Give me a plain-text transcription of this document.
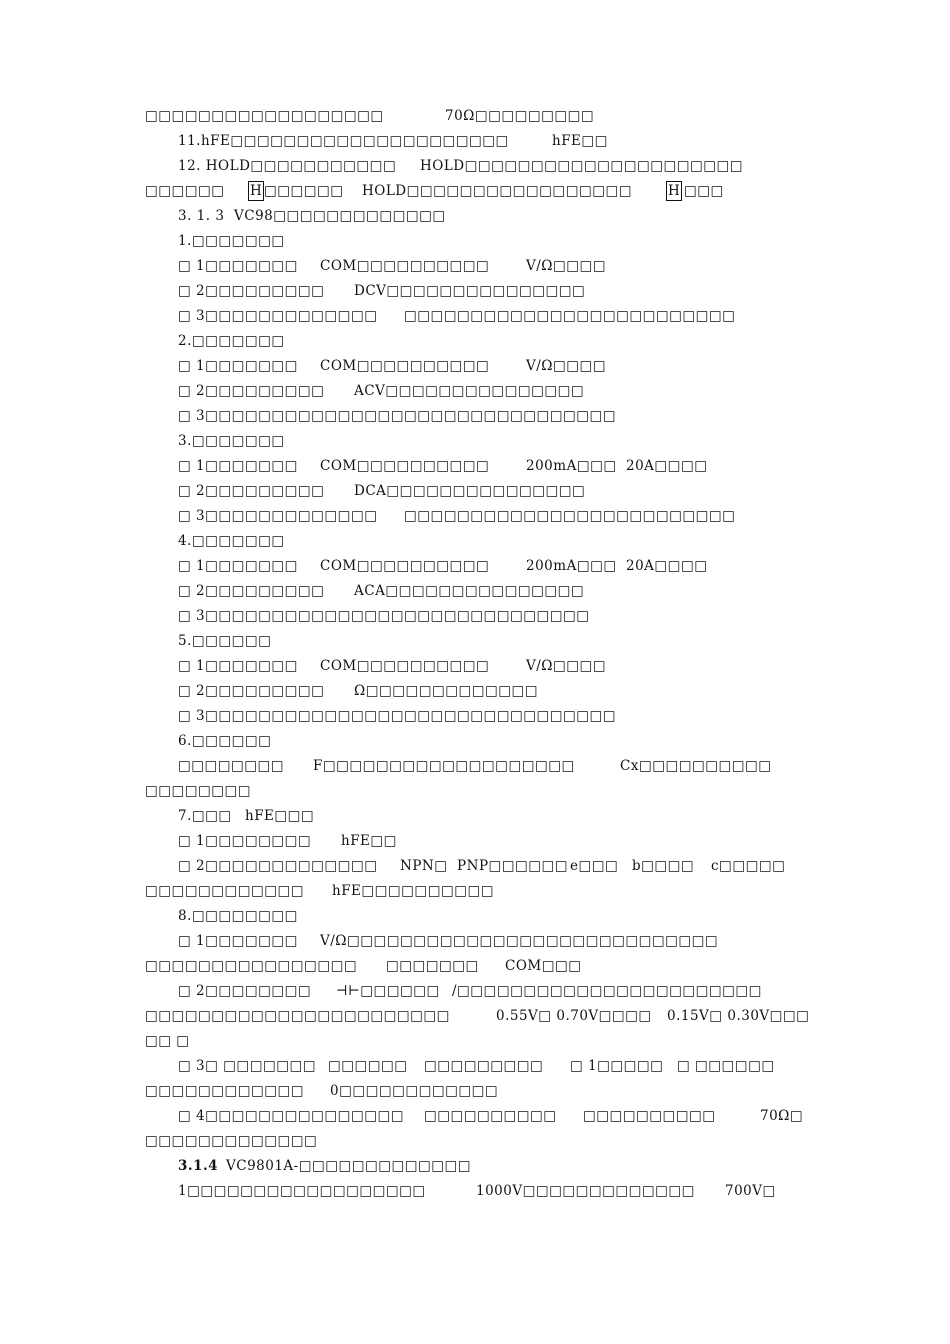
□□□□□□□□□□□□□□□□□□	70Ω□□□□□□□□□
11.hFE□□□□□□□□□□□□□□□□□□□□□	hFE□□
12. HOLD□□□□□□□□□□□ HOLD□□□□□□□□□□□□□□□□□□□□□
□□□□□□ H □□□□□□ HOLD□□□□□□□□□□□□□□□□□	H □□□
3. 1. 3  VC98□□□□□□□□□□□□□
1.□□□□□□□
□ 1□□□□□□□ COM□□□□□□□□□□	V/Ω□□□□
□ 2□□□□□□□□□ DCV□□□□□□□□□□□□□□□
□ 3□□□□□□□□□□□□□ □□□□□□□□□□□□□□□□□□□□□□□□□
2.□□□□□□□
□ 1□□□□□□□ COM□□□□□□□□□□	V/Ω□□□□
□ 2□□□□□□□□□ ACV□□□□□□□□□□□□□□□
□ 3□□□□□□□□□□□□□□□□□□□□□□□□□□□□□□□
3.□□□□□□□
□ 1□□□□□□□ COM□□□□□□□□□□	200mA□□□ 20A□□□□
□ 2□□□□□□□□□ DCA□□□□□□□□□□□□□□□
□ 3□□□□□□□□□□□□□ □□□□□□□□□□□□□□□□□□□□□□□□□
4.□□□□□□□
□ 1□□□□□□□ COM□□□□□□□□□□	200mA□□□ 20A□□□□
□ 2□□□□□□□□□ ACA□□□□□□□□□□□□□□□
□ 3□□□□□□□□□□□□□□□□□□□□□□□□□□□□□
5.□□□□□□
□ 1□□□□□□□ COM□□□□□□□□□□	V/Ω□□□□
□ 2□□□□□□□□□ Ω□□□□□□□□□□□□□
□ 3□□□□□□□□□□□□□□□□□□□□□□□□□□□□□□□
6.□□□□□□
□□□□□□□□ F□□□□□□□□□□□□□□□□□□□	Cx□□□□□□□□□□
□□□□□□□□
7.□□□ hFE□□□
□ 1□□□□□□□□ hFE□□
□ 2□□□□□□□□□□□□□ NPN□  PNP□□□□□□ e□□□ b□□□□ c□□□□□
□□□□□□□□□□□□ hFE□□□□□□□□□□
8.□□□□□□□□
□ 1□□□□□□□ V/Ω□□□□□□□□□□□□□□□□□□□□□□□□□□□□
□□□□□□□□□□□□□□□□ □□□□□□□ COM□□□
□ 2□□□□□□□□ ⊣⊢□□□□□□ /□□□□□□□□□□□□□□□□□□□□□□□
□□□□□□□□□□□□□□□□□□□□□□□	0.55V□ 0.70V□□□□ 0.15V□ 0.30V□□□
□□ □
□ 3□ □□□□□□□ □□□□□□ □□□□□□□□□ □ 1□□□□□ □ □□□□□□
□□□□□□□□□□□□ 0□□□□□□□□□□□□
□ 4□□□□□□□□□□□□□□□ □□□□□□□□□□ □□□□□□□□□□	70Ω□
□□□□□□□□□□□□□
3.1.4 VC9801A-□□□□□□□□□□□□□
1□□□□□□□□□□□□□□□□□□	1000V□□□□□□□□□□□□□ 700V□
